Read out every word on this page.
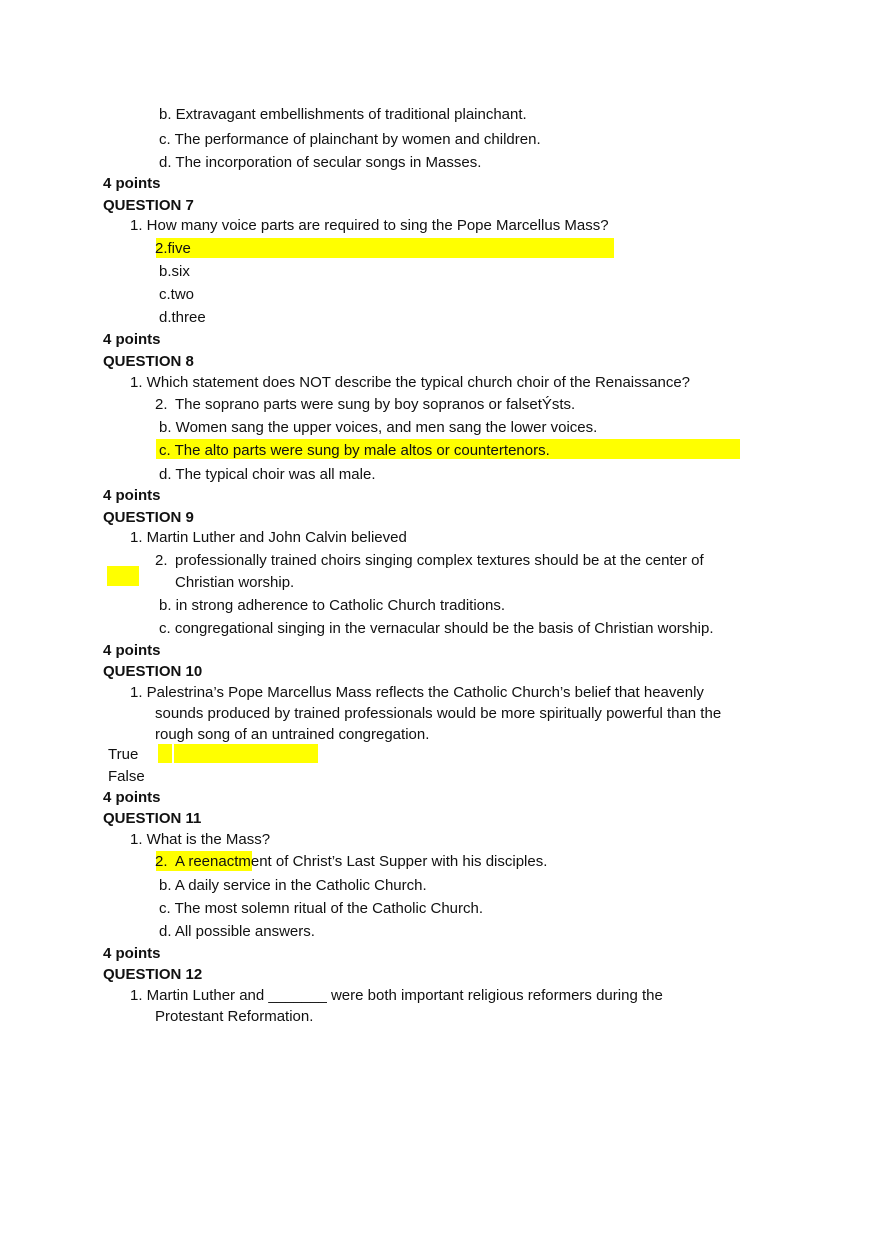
b. Extravagant embellishments of traditional plainchant.
c. The performance of plainchant by women and children.
d. The incorporation of secular songs in Masses.
4 points
QUESTION 7
1. How many voice parts are required to sing the Pope Marcellus Mass?
2.five
b.six
c.two
d.three
4 points
QUESTION 8
1. Which statement does NOT describe the typical church choir of the Renaissance?
2. The soprano parts were sung by boy sopranos or falsetÝsts.
b. Women sang the upper voices, and men sang the lower voices.
c. The alto parts were sung by male altos or countertenors.
d. The typical choir was all male.
4 points
QUESTION 9
1. Martin Luther and John Calvin believed
2. professionally trained choirs singing complex textures should be at the center of
Christian worship.
b. in strong adherence to Catholic Church traditions.
c. congregational singing in the vernacular should be the basis of Christian worship.
4 points
QUESTION 10
1. Palestrina’s Pope Marcellus Mass reflects the Catholic Church’s belief that heavenly
sounds produced by trained professionals would be more spiritually powerful than the
rough song of an untrained congregation.
True
False
4 points
QUESTION 11
1. What is the Mass?
2. A reenactment of Christ’s Last Supper with his disciples.
b. A daily service in the Catholic Church.
c. The most solemn ritual of the Catholic Church.
d. All possible answers.
4 points
QUESTION 12
1. Martin Luther and _______ were both important religious reformers during the
Protestant Reformation.
